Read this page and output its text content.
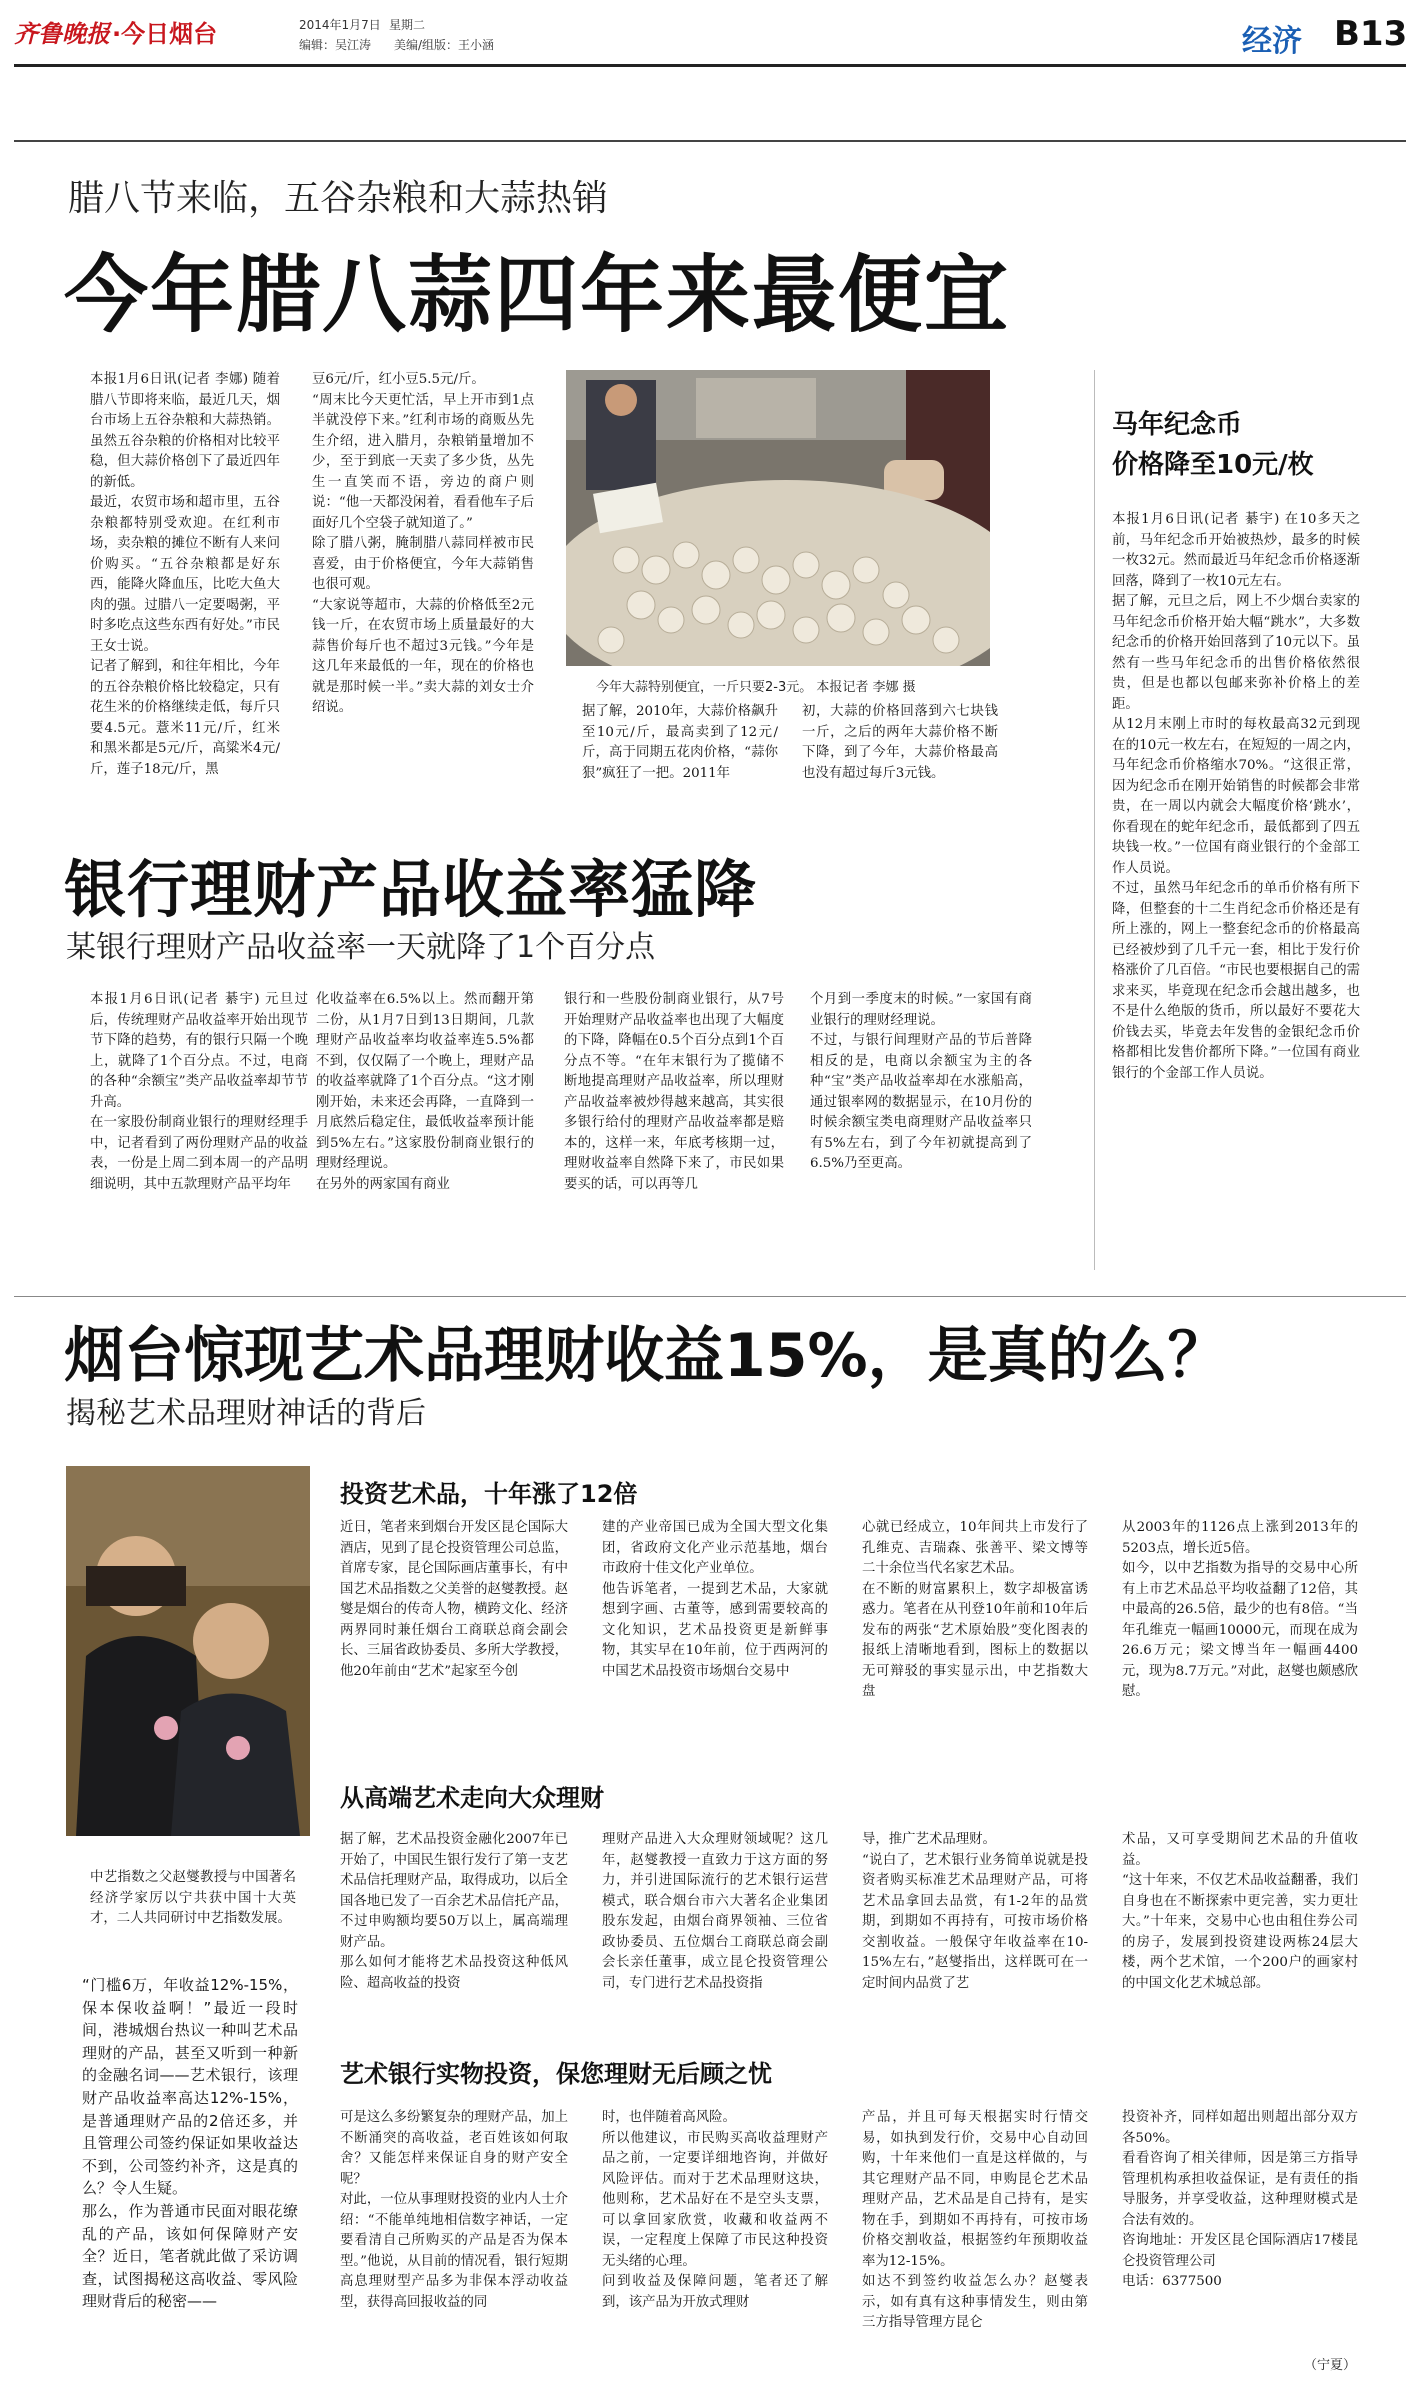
齐鲁晚报 ·今日烟台	2014年1月7日 星期二
编辑：吴江涛 美编/组版：王小涵	经济 B13
腊八节来临，五谷杂粮和大蒜热销
今年腊八蒜四年来最便宜
本报1月6日讯(记者 李娜) 随着腊八节即将来临，最近几天，烟台市场上五谷杂粮和大蒜热销。虽然五谷杂粮的价格相对比较平稳，但大蒜价格创下了最近四年的新低。
最近，农贸市场和超市里，五谷杂粮都特别受欢迎。在红利市场，卖杂粮的摊位不断有人来问价购买。“五谷杂粮都是好东西，能降火降血压，比吃大鱼大肉的强。过腊八一定要喝粥，平时多吃点这些东西有好处。”市民王女士说。
记者了解到，和往年相比，今年的五谷杂粮价格比较稳定，只有花生米的价格继续走低，每斤只要4.5元。薏米11元/斤，红米和黑米都是5元/斤，高粱米4元/斤，莲子18元/斤，黑
豆6元/斤，红小豆5.5元/斤。
“周末比今天更忙活，早上开市到1点半就没停下来。”红利市场的商贩丛先生介绍，进入腊月，杂粮销量增加不少，至于到底一天卖了多少货，丛先生一直笑而不语，旁边的商户则说：“他一天都没闲着，看看他车子后面好几个空袋子就知道了。”
除了腊八粥，腌制腊八蒜同样被市民喜爱，由于价格便宜，今年大蒜销售也很可观。
“大家说等超市，大蒜的价格低至2元钱一斤，在农贸市场上质量最好的大蒜售价每斤也不超过3元钱。”今年是这几年来最低的一年，现在的价格也就是那时候一半。”卖大蒜的刘女士介绍说。
今年大蒜特别便宜，一斤只要2-3元。 本报记者 李娜 摄
据了解，2010年，大蒜价格飙升至10元/斤，最高卖到了12元/斤，高于同期五花肉价格，“蒜你狠”疯狂了一把。2011年
初，大蒜的价格回落到六七块钱一斤，之后的两年大蒜价格不断下降，到了今年，大蒜价格最高也没有超过每斤3元钱。
马年纪念币
价格降至10元/枚
本报1月6日讯(记者 綦宇) 在10多天之前，马年纪念币开始被热炒，最多的时候一枚32元。然而最近马年纪念币价格逐渐回落，降到了一枚10元左右。
据了解，元旦之后，网上不少烟台卖家的马年纪念币价格开始大幅“跳水”，大多数纪念币的价格开始回落到了10元以下。虽然有一些马年纪念币的出售价格依然很贵，但是也都以包邮来弥补价格上的差距。
从12月末刚上市时的每枚最高32元到现在的10元一枚左右，在短短的一周之内，马年纪念币价格缩水70%。“这很正常，因为纪念币在刚开始销售的时候都会非常贵，在一周以内就会大幅度价格‘跳水’，你看现在的蛇年纪念币，最低都到了四五块钱一枚。”一位国有商业银行的个金部工作人员说。
不过，虽然马年纪念币的单币价格有所下降，但整套的十二生肖纪念币价格还是有所上涨的，网上一整套纪念币的价格最高已经被炒到了几千元一套，相比于发行价格涨价了几百倍。“市民也要根据自己的需求来买，毕竟现在纪念币会越出越多，也不是什么绝版的货币，所以最好不要花大价钱去买，毕竟去年发售的金银纪念币价格都相比发售价都所下降。”一位国有商业银行的个金部工作人员说。
银行理财产品收益率猛降
某银行理财产品收益率一天就降了1个百分点
本报1月6日讯(记者 綦宇) 元旦过后，传统理财产品收益率开始出现节节下降的趋势，有的银行只隔一个晚上，就降了1个百分点。不过，电商的各种“余额宝”类产品收益率却节节升高。
在一家股份制商业银行的理财经理手中，记者看到了两份理财产品的收益表，一份是上周二到本周一的产品明细说明，其中五款理财产品平均年
化收益率在6.5%以上。然而翻开第二份，从1月7日到13日期间，几款理财产品收益率均收益率连5.5%都不到，仅仅隔了一个晚上，理财产品的收益率就降了1个百分点。“这才刚刚开始，未来还会再降，一直降到一月底然后稳定住，最低收益率预计能到5%左右。”这家股份制商业银行的理财经理说。
在另外的两家国有商业
银行和一些股份制商业银行，从7号开始理财产品收益率也出现了大幅度的下降，降幅在0.5个百分点到1个百分点不等。“在年末银行为了揽储不断地提高理财产品收益率，所以理财产品收益率被炒得越来越高，其实很多银行给付的理财产品收益率都是赔本的，这样一来，年底考核期一过，理财收益率自然降下来了，市民如果要买的话，可以再等几
个月到一季度末的时候。”一家国有商业银行的理财经理说。
不过，与银行间理财产品的节后普降相反的是，电商以余额宝为主的各种“宝”类产品收益率却在水涨船高，通过银率网的数据显示，在10月份的时候余额宝类电商理财产品收益率只有5%左右，到了今年初就提高到了6.5%乃至更高。
烟台惊现艺术品理财收益15%，是真的么？
揭秘艺术品理财神话的背后
中艺指数之父赵燮教授与中国著名经济学家厉以宁共获中国十大英才，二人共同研讨中艺指数发展。
“门槛6万，年收益12%-15%，保本保收益啊！”最近一段时间，港城烟台热议一种叫艺术品理财的产品，甚至又听到一种新的金融名词——艺术银行，该理财产品收益率高达12%-15%，是普通理财产品的2倍还多，并且管理公司签约保证如果收益达不到，公司签约补齐，这是真的么？令人生疑。
那么，作为普通市民面对眼花缭乱的产品，该如何保障财产安全？近日，笔者就此做了采访调查，试图揭秘这高收益、零风险理财背后的秘密——
投资艺术品，十年涨了12倍
近日，笔者来到烟台开发区昆仑国际大酒店，见到了昆仑投资管理公司总监，首席专家，昆仑国际画店董事长，有中国艺术品指数之父美誉的赵燮教授。赵燮是烟台的传奇人物，横跨文化、经济两界同时兼任烟台工商联总商会副会长、三届省政协委员、多所大学教授，他20年前由“艺术”起家至今创
建的产业帝国已成为全国大型文化集团，省政府文化产业示范基地，烟台市政府十佳文化产业单位。
他告诉笔者，一提到艺术品，大家就想到字画、古董等，感到需要较高的文化知识，艺术品投资更是新鲜事物，其实早在10年前，位于西两河的中国艺术品投资市场烟台交易中
心就已经成立，10年间共上市发行了孔维克、吉瑞森、张善平、梁文博等二十余位当代名家艺术品。
在不断的财富累积上，数字却极富诱惑力。笔者在从刊登10年前和10年后发布的两张“艺术原始股”变化图表的报纸上清晰地看到，图标上的数据以无可辩驳的事实显示出，中艺指数大盘
从2003年的1126点上涨到2013年的5203点，增长近5倍。
如今，以中艺指数为指导的交易中心所有上市艺术品总平均收益翻了12倍，其中最高的26.5倍，最少的也有8倍。“当年孔维克一幅画10000元，而现在成为26.6万元；梁文博当年一幅画4400元，现为8.7万元。”对此，赵燮也颇感欣慰。
从高端艺术走向大众理财
据了解，艺术品投资金融化2007年已开始了，中国民生银行发行了第一支艺术品信托理财产品，取得成功，以后全国各地已发了一百余艺术品信托产品，不过申购额均要50万以上，属高端理财产品。
那么如何才能将艺术品投资这种低风险、超高收益的投资
理财产品进入大众理财领域呢？这几年，赵燮教授一直致力于这方面的努力，并引进国际流行的艺术银行运营模式，联合烟台市六大著名企业集团股东发起，由烟台商界领袖、三位省政协委员、五位烟台工商联总商会副会长亲任董事，成立昆仑投资管理公司，专门进行艺术品投资指
导，推广艺术品理财。
“说白了，艺术银行业务简单说就是投资者购买标准艺术品理财产品，可将艺术品拿回去品赏，有1-2年的品赏期，到期如不再持有，可按市场价格交割收益。一般保守年收益率在10-15%左右，”赵燮指出，这样既可在一定时间内品赏了艺
术品，又可享受期间艺术品的升值收益。
“这十年来，不仅艺术品收益翻番，我们自身也在不断探索中更完善，实力更壮大。”十年来，交易中心也由租住券公司的房子，发展到投资建设两栋24层大楼，两个艺术馆，一个200户的画家村的中国文化艺术城总部。
艺术银行实物投资，保您理财无后顾之忧
可是这么多纷繁复杂的理财产品，加上不断涌突的高收益，老百姓该如何取舍？又能怎样来保证自身的财产安全呢？
对此，一位从事理财投资的业内人士介绍：“不能单纯地相信数字神话，一定要看清自己所购买的产品是否为保本型。”他说，从目前的情况看，银行短期高息理财型产品多为非保本浮动收益型，获得高回报收益的同
时，也伴随着高风险。
所以他建议，市民购买高收益理财产品之前，一定要详细地咨询，并做好风险评估。而对于艺术品理财这块，他则称，艺术品好在不是空头支票，可以拿回家欣赏，收藏和收益两不误，一定程度上保障了市民这种投资无头绪的心理。
问到收益及保障问题，笔者还了解到，该产品为开放式理财
产品，并且可每天根据实时行情交易，如执到发行价，交易中心自动回购，十年来他们一直是这样做的，与其它理财产品不同，申购昆仑艺术品理财产品，艺术品是自己持有，是实物在手，到期如不再持有，可按市场价格交割收益，根据签约年预期收益率为12-15%。
如达不到签约收益怎么办？赵燮表示，如有真有这种事情发生，则由第三方指导管理方昆仑
投资补齐，同样如超出则超出部分双方各50%。
看看咨询了相关律师，因是第三方指导管理机构承担收益保证，是有责任的指导服务，并享受收益，这种理财模式是合法有效的。
咨询地址：开发区昆仑国际酒店17楼昆仑投资管理公司
电话：6377500
（宁夏）
